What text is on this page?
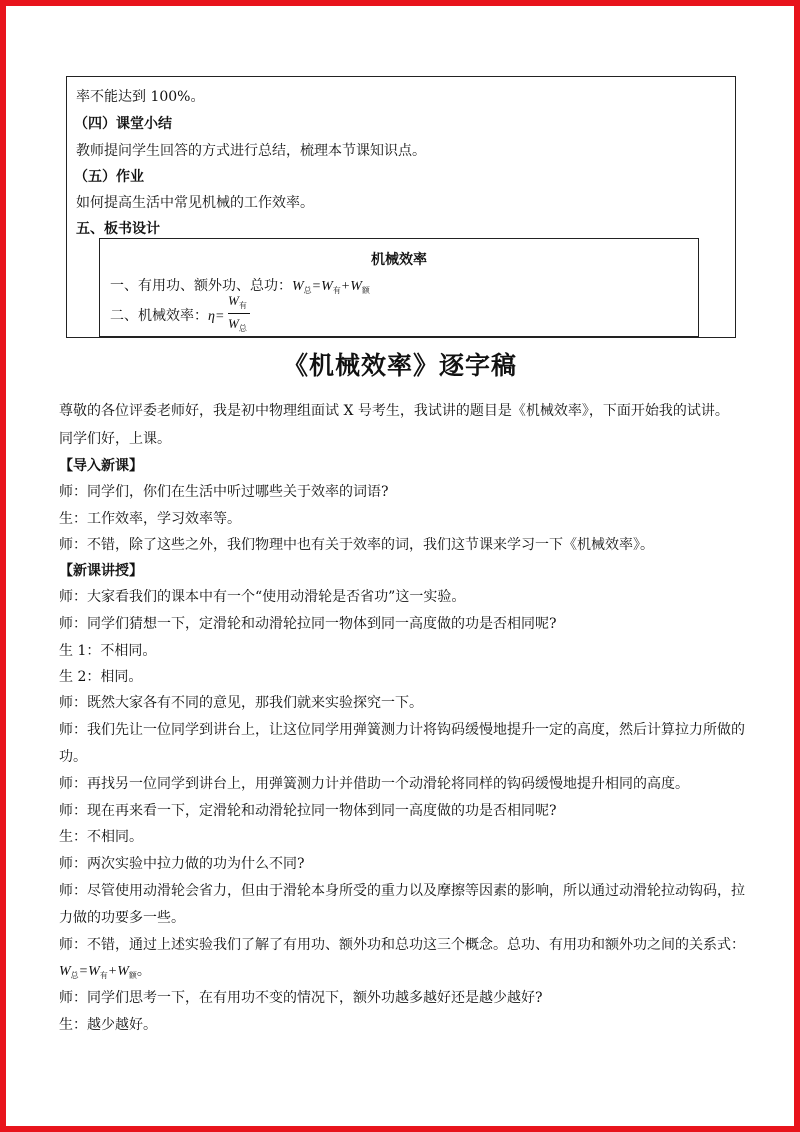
率不能达到 100%。
（四）课堂小结
教师提问学生回答的方式进行总结，梳理本节课知识点。
（五）作业
如何提高生活中常见机械的工作效率。
五、板书设计
机械效率
一、有用功、额外功、总功：$W_总=W_有+W_额$
二、机械效率：η=
$W_有$
$W_总$
《机械效率》逐字稿
尊敬的各位评委老师好，我是初中物理组面试 X 号考生，我试讲的题目是《机械效率》，下面开始我的试讲。
同学们好，上课。
【导入新课】
师：同学们，你们在生活中听过哪些关于效率的词语?
生：工作效率，学习效率等。
师：不错，除了这些之外，我们物理中也有关于效率的词，我们这节课来学习一下《机械效率》。
【新课讲授】
师：大家看我们的课本中有一个“使用动滑轮是否省功”这一实验。
师：同学们猜想一下，定滑轮和动滑轮拉同一物体到同一高度做的功是否相同呢?
生 1：不相同。
生 2：相同。
师：既然大家各有不同的意见，那我们就来实验探究一下。
师：我们先让一位同学到讲台上，让这位同学用弹簧测力计将钩码缓慢地提升一定的高度，然后计算拉力所做的
功。
师：再找另一位同学到讲台上，用弹簧测力计并借助一个动滑轮将同样的钩码缓慢地提升相同的高度。
师：现在再来看一下，定滑轮和动滑轮拉同一物体到同一高度做的功是否相同呢?
生：不相同。
师：两次实验中拉力做的功为什么不同?
师：尽管使用动滑轮会省力，但由于滑轮本身所受的重力以及摩擦等因素的影响，所以通过动滑轮拉动钩码，拉
力做的功要多一些。
师：不错，通过上述实验我们了解了有用功、额外功和总功这三个概念。总功、有用功和额外功之间的关系式：
$W_总=W_有+W_额$。
师：同学们思考一下，在有用功不变的情况下，额外功越多越好还是越少越好?
生：越少越好。
